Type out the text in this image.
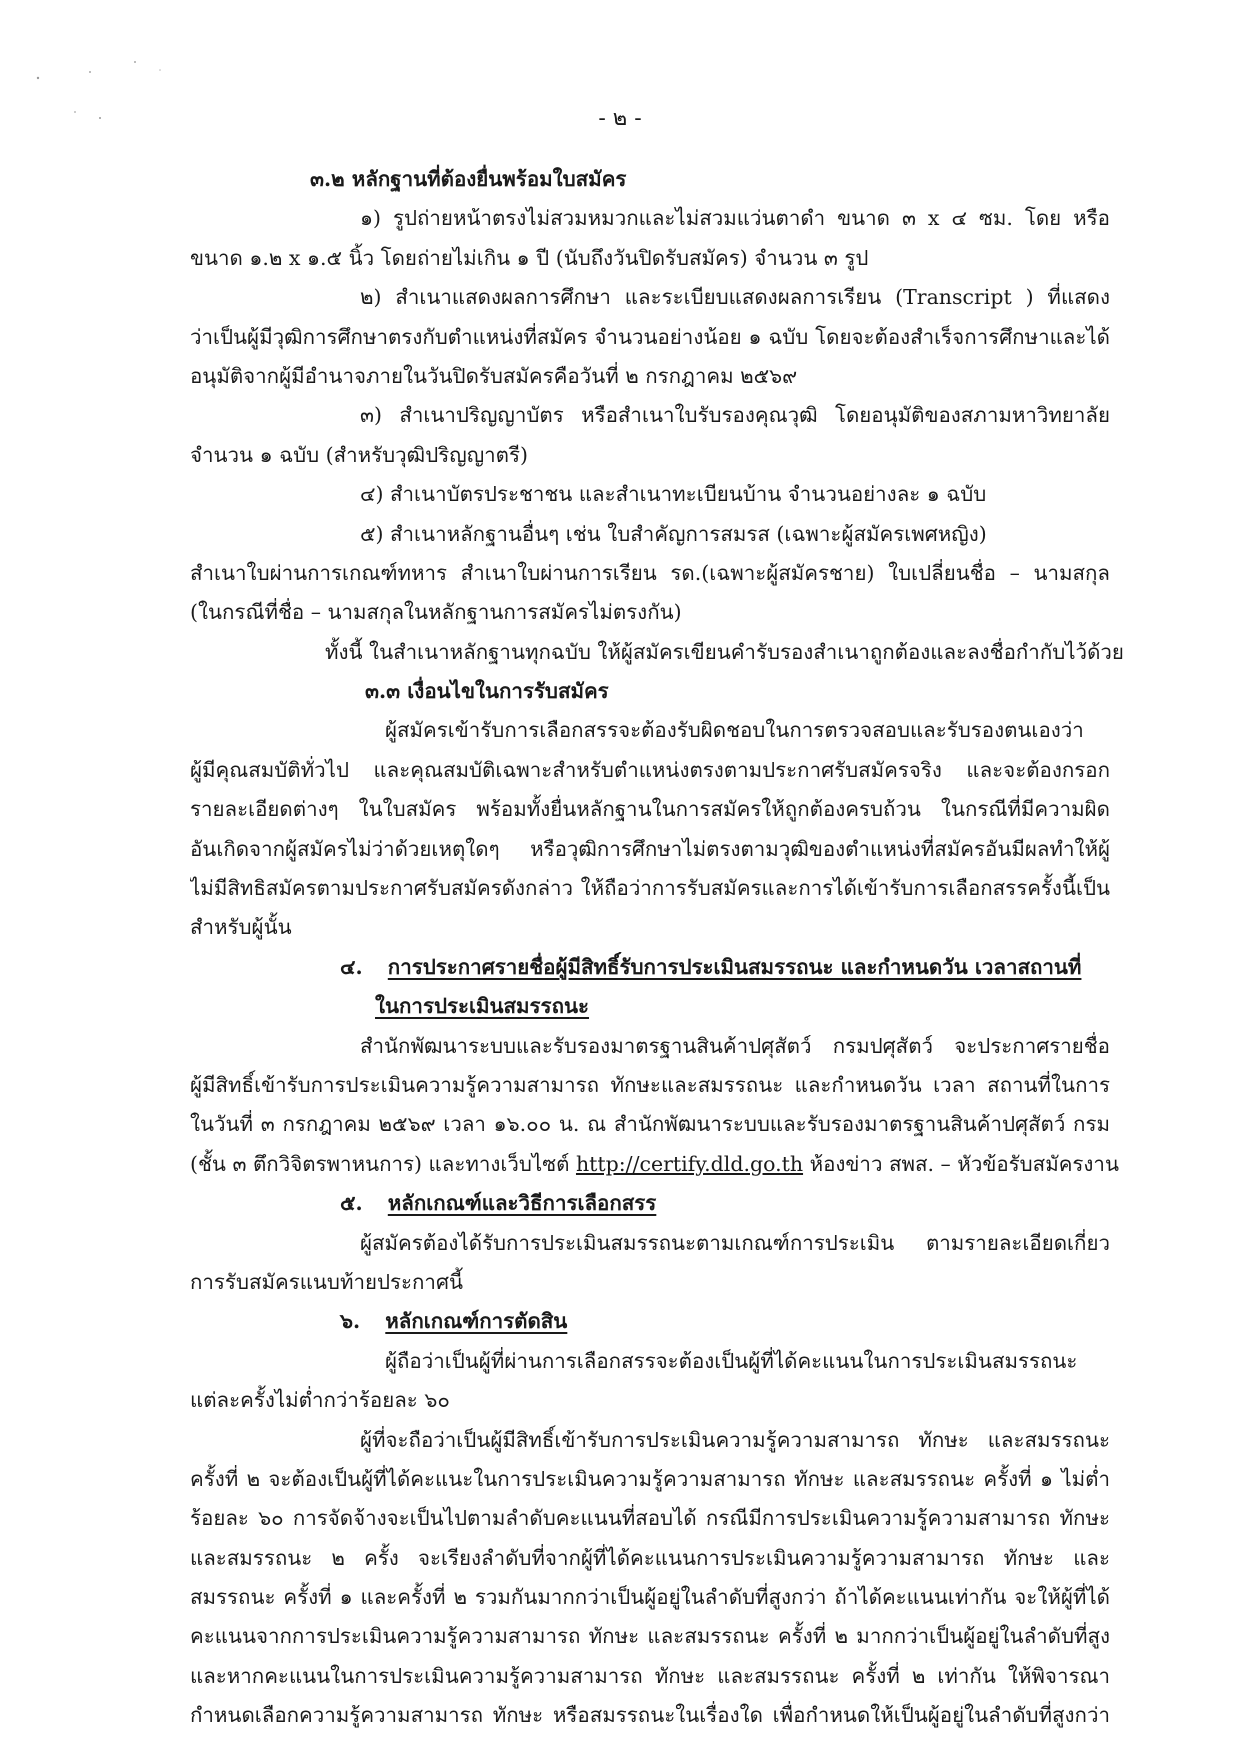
- ๒ -
๓.๒ หลักฐานที่ต้องยื่นพร้อมใบสมัคร
๑) รูปถ่ายหน้าตรงไม่สวมหมวกและไม่สวมแว่นตาดำ ขนาด ๓ x ๔ ซม. โดย หรือ
ขนาด ๑.๒ x ๑.๕ นิ้ว โดยถ่ายไม่เกิน ๑ ปี (นับถึงวันปิดรับสมัคร) จำนวน ๓ รูป
๒) สำเนาแสดงผลการศึกษา และระเบียบแสดงผลการเรียน (Transcript ) ที่แสดง
ว่าเป็นผู้มีวุฒิการศึกษาตรงกับตำแหน่งที่สมัคร จำนวนอย่างน้อย ๑ ฉบับ โดยจะต้องสำเร็จการศึกษาและได้
อนุมัติจากผู้มีอำนาจภายในวันปิดรับสมัครคือวันที่ ๒ กรกฎาคม ๒๕๖๙
๓) สำเนาปริญญาบัตร หรือสำเนาใบรับรองคุณวุฒิ โดยอนุมัติของสภามหาวิทยาลัย
จำนวน ๑ ฉบับ (สำหรับวุฒิปริญญาตรี)
๔) สำเนาบัตรประชาชน และสำเนาทะเบียนบ้าน จำนวนอย่างละ ๑ ฉบับ
๕) สำเนาหลักฐานอื่นๆ เช่น ใบสำคัญการสมรส (เฉพาะผู้สมัครเพศหญิง)
สำเนาใบผ่านการเกณฑ์ทหาร สำเนาใบผ่านการเรียน รด.(เฉพาะผู้สมัครชาย) ใบเปลี่ยนชื่อ – นามสกุล
(ในกรณีที่ชื่อ – นามสกุลในหลักฐานการสมัครไม่ตรงกัน)
ทั้งนี้ ในสำเนาหลักฐานทุกฉบับ ให้ผู้สมัครเขียนคำรับรองสำเนาถูกต้องและลงชื่อกำกับไว้ด้วย
๓.๓ เงื่อนไขในการรับสมัคร
ผู้สมัครเข้ารับการเลือกสรรจะต้องรับผิดชอบในการตรวจสอบและรับรองตนเองว่า
ผู้มีคุณสมบัติทั่วไป และคุณสมบัติเฉพาะสำหรับตำแหน่งตรงตามประกาศรับสมัครจริง และจะต้องกรอก
รายละเอียดต่างๆ ในใบสมัคร พร้อมทั้งยื่นหลักฐานในการสมัครให้ถูกต้องครบถ้วน ในกรณีที่มีความผิด
อันเกิดจากผู้สมัครไม่ว่าด้วยเหตุใดๆ หรือวุฒิการศึกษาไม่ตรงตามวุฒิของตำแหน่งที่สมัครอันมีผลทำให้ผู้
ไม่มีสิทธิสมัครตามประกาศรับสมัครดังกล่าว ให้ถือว่าการรับสมัครและการได้เข้ารับการเลือกสรรครั้งนี้เป็น
สำหรับผู้นั้น
๔. การประกาศรายชื่อผู้มีสิทธิ์รับการประเมินสมรรถนะ และกำหนดวัน เวลาสถานที่
ในการประเมินสมรรถนะ
สำนักพัฒนาระบบและรับรองมาตรฐานสินค้าปศุสัตว์ กรมปศุสัตว์ จะประกาศรายชื่อ
ผู้มีสิทธิ์เข้ารับการประเมินความรู้ความสามารถ ทักษะและสมรรถนะ และกำหนดวัน เวลา สถานที่ในการ
ในวันที่ ๓ กรกฎาคม ๒๕๖๙ เวลา ๑๖.๐๐ น. ณ สำนักพัฒนาระบบและรับรองมาตรฐานสินค้าปศุสัตว์ กรม
(ชั้น ๓ ตึกวิจิตรพาหนการ) และทางเว็บไซต์ http://certify.dld.go.th ห้องข่าว สพส. – หัวข้อรับสมัครงาน
๕. หลักเกณฑ์และวิธีการเลือกสรร
ผู้สมัครต้องได้รับการประเมินสมรรถนะตามเกณฑ์การประเมิน ตามรายละเอียดเกี่ยว
การรับสมัครแนบท้ายประกาศนี้
๖. หลักเกณฑ์การตัดสิน
ผู้ถือว่าเป็นผู้ที่ผ่านการเลือกสรรจะต้องเป็นผู้ที่ได้คะแนนในการประเมินสมรรถนะ
แต่ละครั้งไม่ต่ำกว่าร้อยละ ๖๐
ผู้ที่จะถือว่าเป็นผู้มีสิทธิ์เข้ารับการประเมินความรู้ความสามารถ ทักษะ และสมรรถนะ
ครั้งที่ ๒ จะต้องเป็นผู้ที่ได้คะแนะในการประเมินความรู้ความสามารถ ทักษะ และสมรรถนะ ครั้งที่ ๑ ไม่ต่ำ
ร้อยละ ๖๐ การจัดจ้างจะเป็นไปตามลำดับคะแนนที่สอบได้ กรณีมีการประเมินความรู้ความสามารถ ทักษะ
และสมรรถนะ ๒ ครั้ง จะเรียงลำดับที่จากผู้ที่ได้คะแนนการประเมินความรู้ความสามารถ ทักษะ และ
สมรรถนะ ครั้งที่ ๑ และครั้งที่ ๒ รวมกันมากกว่าเป็นผู้อยู่ในลำดับที่สูงกว่า ถ้าได้คะแนนเท่ากัน จะให้ผู้ที่ได้
คะแนนจากการประเมินความรู้ความสามารถ ทักษะ และสมรรถนะ ครั้งที่ ๒ มากกว่าเป็นผู้อยู่ในลำดับที่สูง
และหากคะแนนในการประเมินความรู้ความสามารถ ทักษะ และสมรรถนะ ครั้งที่ ๒ เท่ากัน ให้พิจารณา
กำหนดเลือกความรู้ความสามารถ ทักษะ หรือสมรรถนะในเรื่องใด เพื่อกำหนดให้เป็นผู้อยู่ในลำดับที่สูงกว่า
